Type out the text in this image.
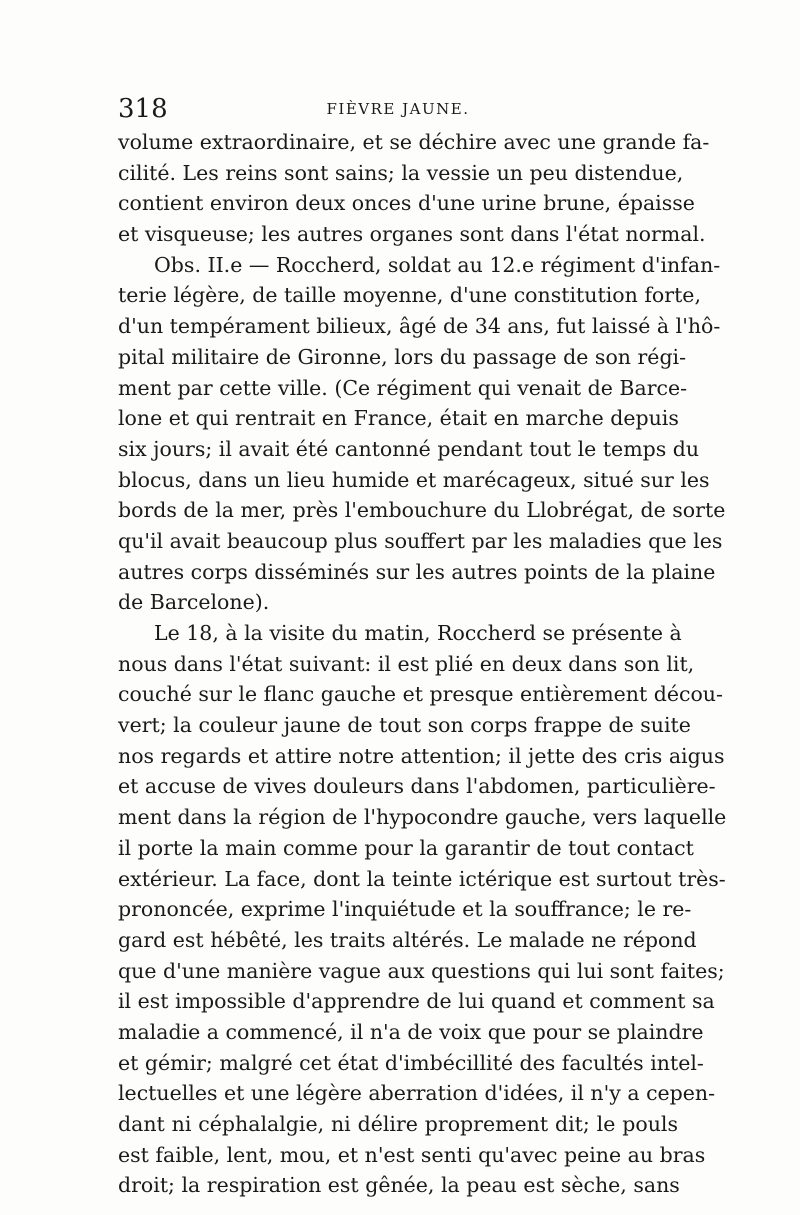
318	FIÈVRE JAUNE.
volume extraordinaire, et se déchire avec une grande fa-
cilité. Les reins sont sains; la vessie un peu distendue,
contient environ deux onces d'une urine brune, épaisse
et visqueuse; les autres organes sont dans l'état normal.
Obs. II.e — Roccherd, soldat au 12.e régiment d'infan-
terie légère, de taille moyenne, d'une constitution forte,
d'un tempérament bilieux, âgé de 34 ans, fut laissé à l'hô-
pital militaire de Gironne, lors du passage de son régi-
ment par cette ville. (Ce régiment qui venait de Barce-
lone et qui rentrait en France, était en marche depuis
six jours; il avait été cantonné pendant tout le temps du
blocus, dans un lieu humide et marécageux, situé sur les
bords de la mer, près l'embouchure du Llobrégat, de sorte
qu'il avait beaucoup plus souffert par les maladies que les
autres corps disséminés sur les autres points de la plaine
de Barcelone).
Le 18, à la visite du matin, Roccherd se présente à
nous dans l'état suivant: il est plié en deux dans son lit,
couché sur le flanc gauche et presque entièrement décou-
vert; la couleur jaune de tout son corps frappe de suite
nos regards et attire notre attention; il jette des cris aigus
et accuse de vives douleurs dans l'abdomen, particulière-
ment dans la région de l'hypocondre gauche, vers laquelle
il porte la main comme pour la garantir de tout contact
extérieur. La face, dont la teinte ictérique est surtout très-
prononcée, exprime l'inquiétude et la souffrance; le re-
gard est hébêté, les traits altérés. Le malade ne répond
que d'une manière vague aux questions qui lui sont faites;
il est impossible d'apprendre de lui quand et comment sa
maladie a commencé, il n'a de voix que pour se plaindre
et gémir; malgré cet état d'imbécillité des facultés intel-
lectuelles et une légère aberration d'idées, il n'y a cepen-
dant ni céphalalgie, ni délire proprement dit; le pouls
est faible, lent, mou, et n'est senti qu'avec peine au bras
droit; la respiration est gênée, la peau est sèche, sans
